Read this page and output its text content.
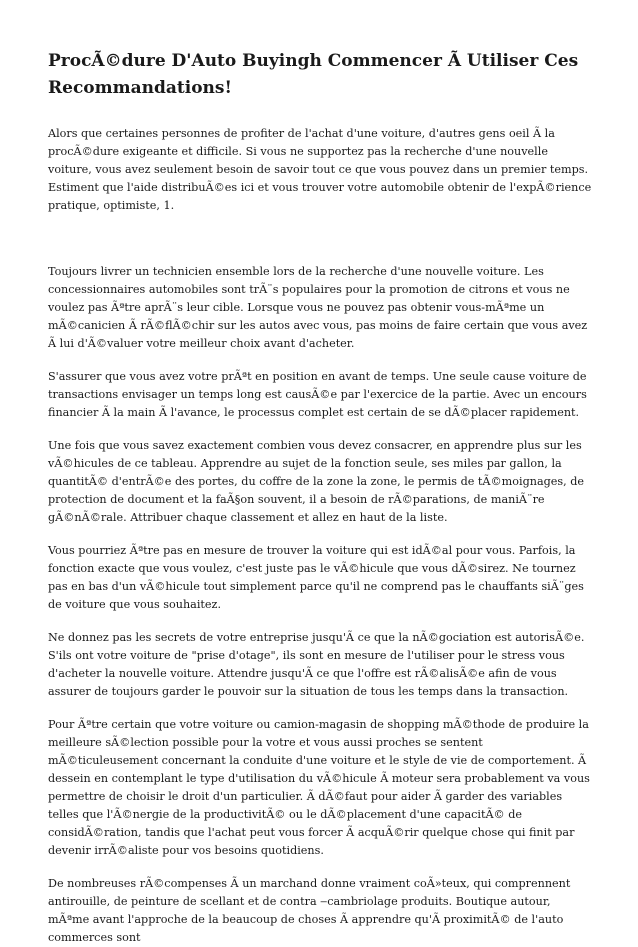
ProcÃ©dure D'Auto Buyingh Commencer Ã Utiliser Ces Recommandations!

Alors que certaines personnes de profiter de l'achat d'une voiture, d'autres gens oeil Ã la procÃ©dure exigeante et difficile. Si vous ne supportez pas la recherche d'une nouvelle voiture, vous avez seulement besoin de savoir tout ce que vous pouvez dans un premier temps. Estiment que l'aide distribuÃ©es ici et vous trouver votre automobile obtenir de l'expÃ©rience pratique, optimiste, 1.

Toujours livrer un technicien ensemble lors de la recherche d'une nouvelle voiture. Les concessionnaires automobiles sont trÃ¨s populaires pour la promotion de citrons et vous ne voulez pas Ãªtre aprÃ¨s leur cible. Lorsque vous ne pouvez pas obtenir vous-mÃªme un mÃ©canicien Ã rÃ©flÃ©chir sur les autos avec vous, pas moins de faire certain que vous avez Ã lui d'Ã©valuer votre meilleur choix avant d'acheter.

S'assurer que vous avez votre prÃªt en position en avant de temps. Une seule cause voiture de transactions envisager un temps long est causÃ©e par l'exercice de la partie. Avec un encours financier Ã la main Ã l'avance, le processus complet est certain de se dÃ©placer rapidement.

Une fois que vous savez exactement combien vous devez consacrer, en apprendre plus sur les vÃ©hicules de ce tableau. Apprendre au sujet de la fonction seule, ses miles par gallon, la quantitÃ© d'entrÃ©e des portes, du coffre de la zone la zone, le permis de tÃ©moignages, de protection de document et la faÃ§on souvent, il a besoin de rÃ©parations, de maniÃ¨re gÃ©nÃ©rale. Attribuer chaque classement et allez en haut de la liste.

Vous pourriez Ãªtre pas en mesure de trouver la voiture qui est idÃ©al pour vous. Parfois, la fonction exacte que vous voulez, c'est juste pas le vÃ©hicule que vous dÃ©sirez. Ne tournez pas en bas d'un vÃ©hicule tout simplement parce qu'il ne comprend pas le chauffants siÃ¨ges de voiture que vous souhaitez.

Ne donnez pas les secrets de votre entreprise jusqu'Ã ce que la nÃ©gociation est autorisÃ©e. S'ils ont votre voiture de "prise d'otage", ils sont en mesure de l'utiliser pour le stress vous d'acheter la nouvelle voiture. Attendre jusqu'Ã ce que l'offre est rÃ©alisÃ©e afin de vous assurer de toujours garder le pouvoir sur la situation de tous les temps dans la transaction.

Pour Ãªtre certain que votre voiture ou camion-magasin de shopping mÃ©thode de produire la meilleure sÃ©lection possible pour la votre et vous aussi proches se sentent mÃ©ticuleusement concernant la conduite d'une voiture et le style de vie de comportement. Ã dessein en contemplant le type d'utilisation du vÃ©hicule Ã moteur sera probablement va vous permettre de choisir le droit d'un particulier. Ã dÃ©faut pour aider Ã garder des variables telles que l'Ã©nergie de la productivitÃ© ou le dÃ©placement d'une capacitÃ© de considÃ©ration, tandis que l'achat peut vous forcer Ã acquÃ©rir quelque chose qui finit par devenir irrÃ©aliste pour vos besoins quotidiens.

De nombreuses rÃ©compenses Ã un marchand donne vraiment coÃ»teux, qui comprennent antirouille, de peinture de scellant et de contra ‒cambriolage produits. Boutique autour, mÃªme avant l'approche de la beaucoup de choses Ã apprendre qu'Ã proximitÃ© de l'auto commerces sont
